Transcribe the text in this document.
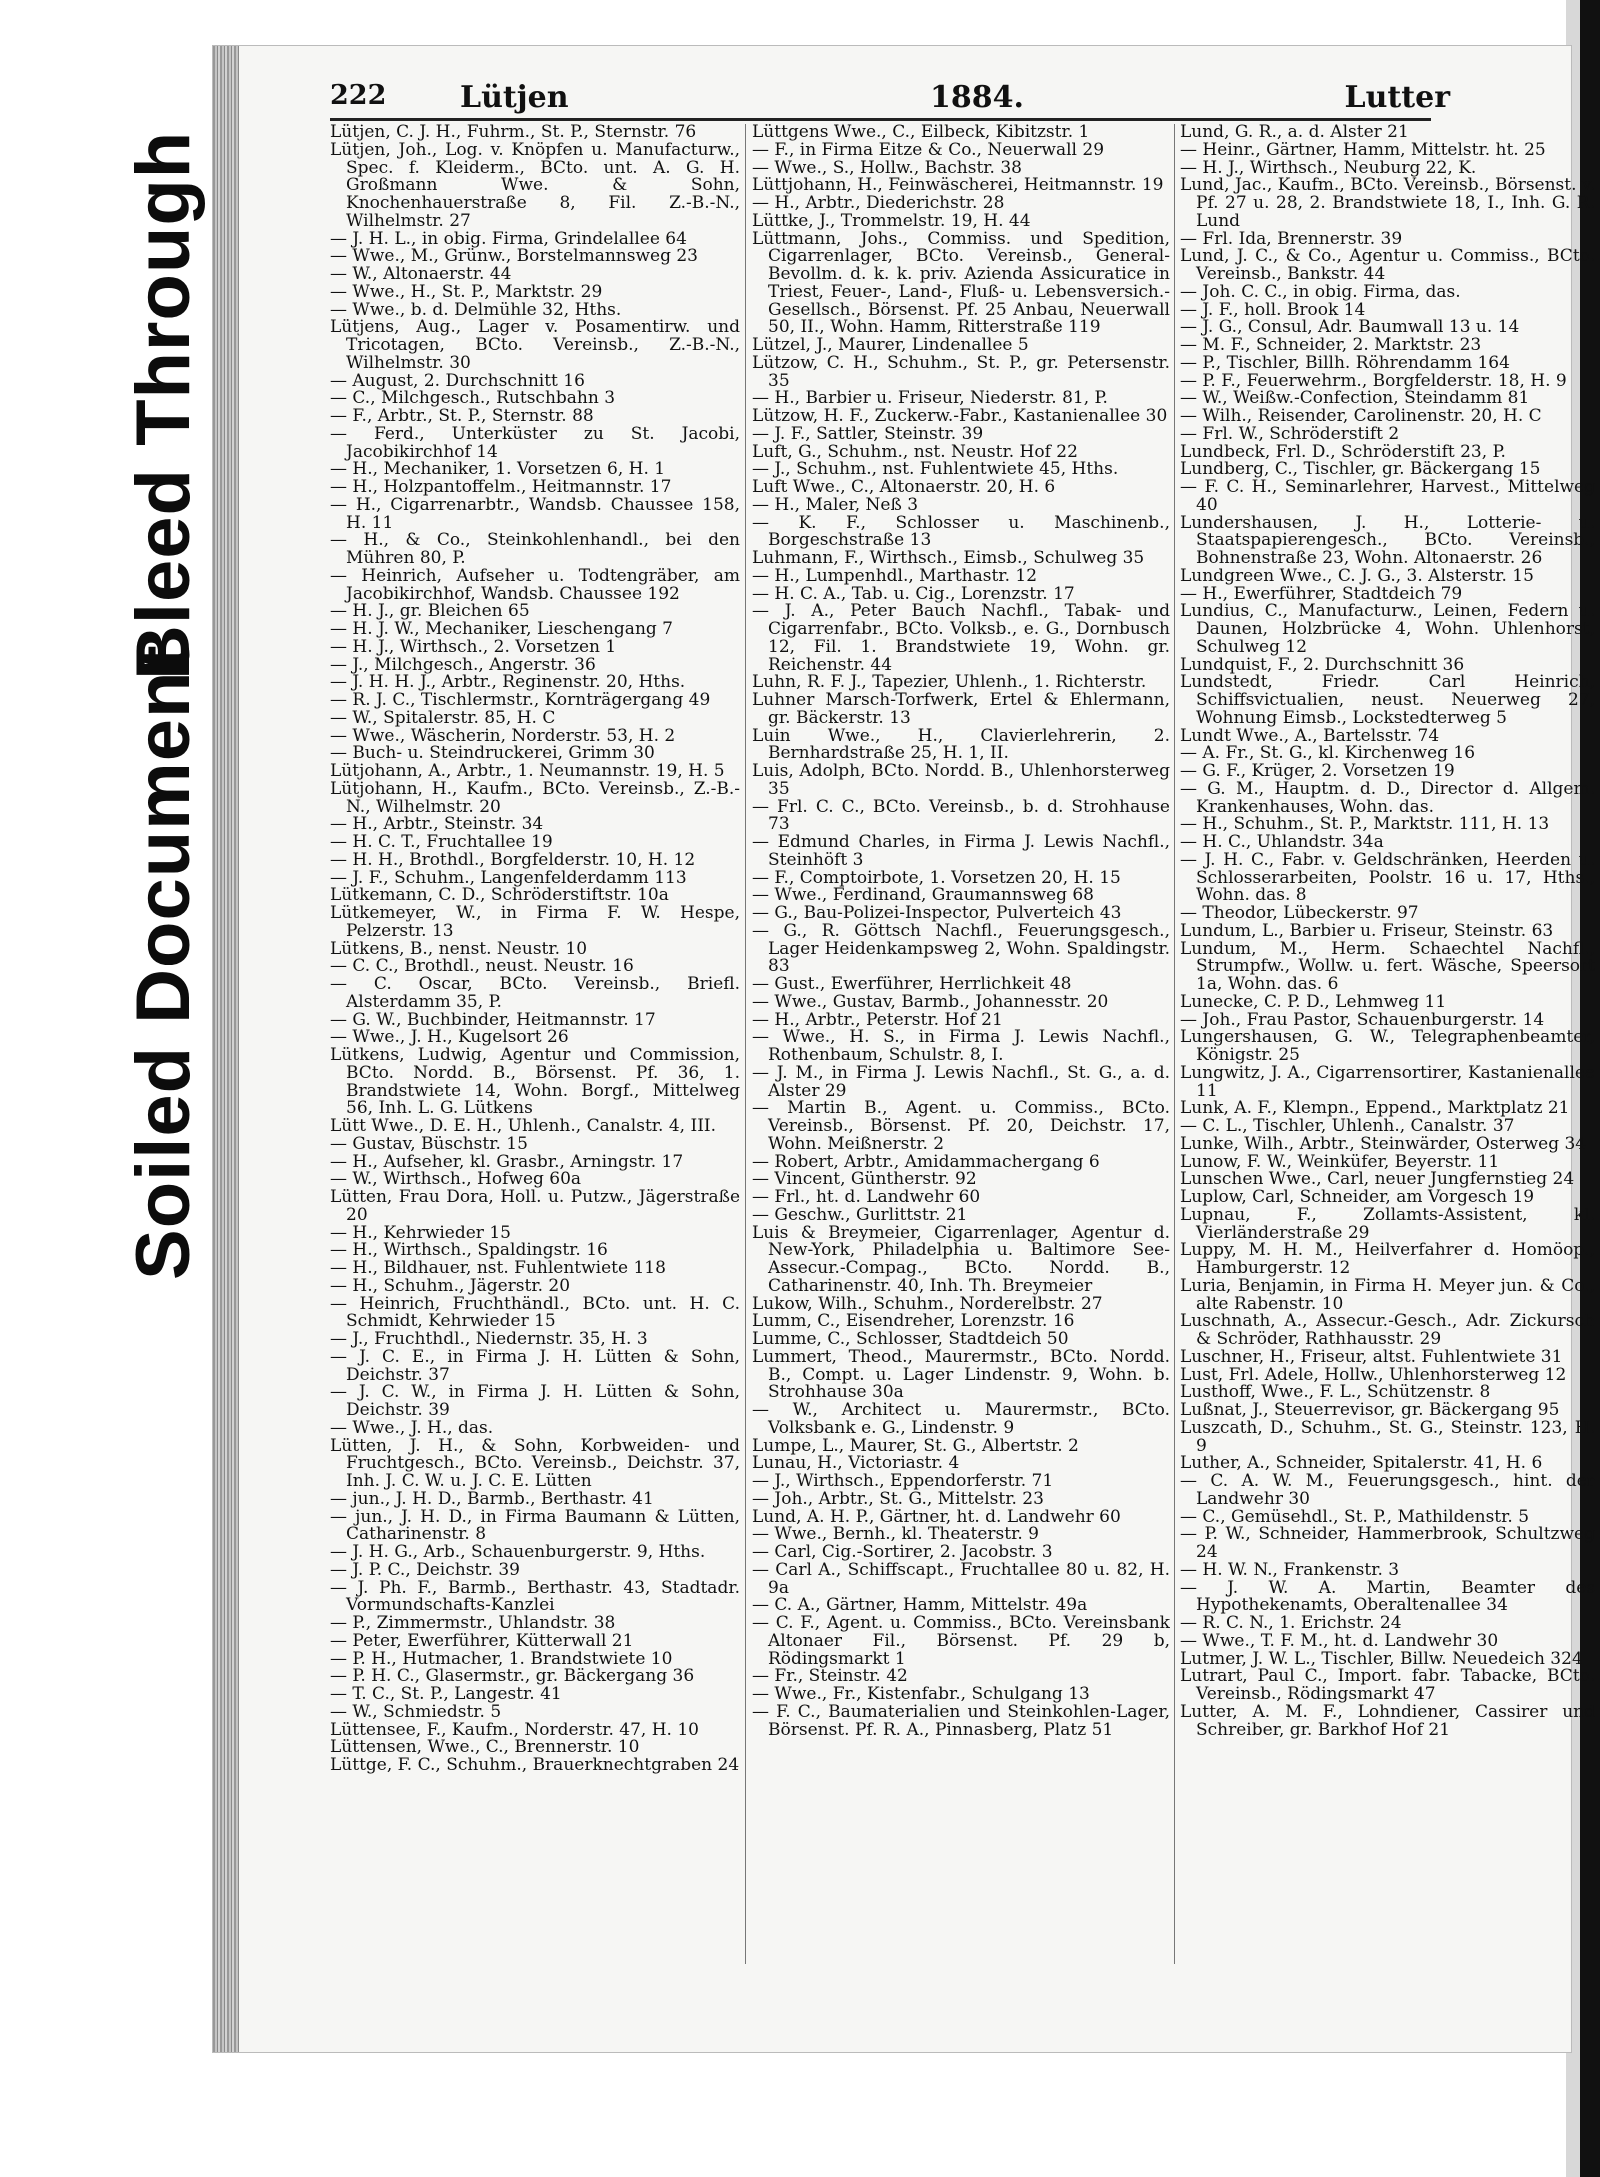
Soiled Document
Bleed Through
222 Lütjen	1884.	Lutter

Lütjen, C. J. H., Fuhrm., St. P., Sternstr. 76

Lütjen, Joh., Log. v. Knöpfen u. Manufacturw., Spec. f. Kleiderm., BCto. unt. A. G. H. Großmann Wwe. & Sohn, Knochenhauerstraße 8, Fil. Z.-B.-N., Wilhelmstr. 27

— J. H. L., in obig. Firma, Grindelallee 64

— Wwe., M., Grünw., Borstelmannsweg 23

— W., Altonaerstr. 44

— Wwe., H., St. P., Marktstr. 29

— Wwe., b. d. Delmühle 32, Hths.

Lütjens, Aug., Lager v. Posamentirw. und Tricotagen, BCto. Vereinsb., Z.-B.-N., Wilhelmstr. 30

— August, 2. Durchschnitt 16

— C., Milchgesch., Rutschbahn 3

— F., Arbtr., St. P., Sternstr. 88

— Ferd., Unterküster zu St. Jacobi, Jacobikirchhof 14

— H., Mechaniker, 1. Vorsetzen 6, H. 1

— H., Holzpantoffelm., Heitmannstr. 17

— H., Cigarrenarbtr., Wandsb. Chaussee 158, H. 11

— H., & Co., Steinkohlenhandl., bei den Mühren 80, P.

— Heinrich, Aufseher u. Todtengräber, am Jacobikirchhof, Wandsb. Chaussee 192

— H. J., gr. Bleichen 65

— H. J. W., Mechaniker, Lieschengang 7

— H. J., Wirthsch., 2. Vorsetzen 1

— J., Milchgesch., Angerstr. 36

— J. H. H. J., Arbtr., Reginenstr. 20, Hths.

— R. J. C., Tischlermstr., Kornträgergang 49

— W., Spitalerstr. 85, H. C

— Wwe., Wäscherin, Norderstr. 53, H. 2

— Buch- u. Steindruckerei, Grimm 30

Lütjohann, A., Arbtr., 1. Neumannstr. 19, H. 5

Lütjohann, H., Kaufm., BCto. Vereinsb., Z.-B.-N., Wilhelmstr. 20

— H., Arbtr., Steinstr. 34

— H. C. T., Fruchtallee 19

— H. H., Brothdl., Borgfelderstr. 10, H. 12

— J. F., Schuhm., Langenfelderdamm 113

Lütkemann, C. D., Schröderstiftstr. 10a

Lütkemeyer, W., in Firma F. W. Hespe, Pelzerstr. 13

Lütkens, B., nenst. Neustr. 10

— C. C., Brothdl., neust. Neustr. 16

— C. Oscar, BCto. Vereinsb., Briefl. Alsterdamm 35, P.

— G. W., Buchbinder, Heitmannstr. 17

— Wwe., J. H., Kugelsort 26

Lütkens, Ludwig, Agentur und Commission, BCto. Nordd. B., Börsenst. Pf. 36, 1. Brandstwiete 14, Wohn. Borgf., Mittelweg 56, Inh. L. G. Lütkens

Lütt Wwe., D. E. H., Uhlenh., Canalstr. 4, III.

— Gustav, Büschstr. 15

— H., Aufseher, kl. Grasbr., Arningstr. 17

— W., Wirthsch., Hofweg 60a

Lütten, Frau Dora, Holl. u. Putzw., Jägerstraße 20

— H., Kehrwieder 15

— H., Wirthsch., Spaldingstr. 16

— H., Bildhauer, nst. Fuhlentwiete 118

— H., Schuhm., Jägerstr. 20

— Heinrich, Fruchthändl., BCto. unt. H. C. Schmidt, Kehrwieder 15

— J., Fruchthdl., Niedernstr. 35, H. 3

— J. C. E., in Firma J. H. Lütten & Sohn, Deichstr. 37

— J. C. W., in Firma J. H. Lütten & Sohn, Deichstr. 39

— Wwe., J. H., das.

Lütten, J. H., & Sohn, Korbweiden- und Fruchtgesch., BCto. Vereinsb., Deichstr. 37, Inh. J. C. W. u. J. C. E. Lütten

— jun., J. H. D., Barmb., Berthastr. 41

— jun., J. H. D., in Firma Baumann & Lütten, Catharinenstr. 8

— J. H. G., Arb., Schauenburgerstr. 9, Hths.

— J. P. C., Deichstr. 39

— J. Ph. F., Barmb., Berthastr. 43, Stadtadr. Vormundschafts-Kanzlei

— P., Zimmermstr., Uhlandstr. 38

— Peter, Ewerführer, Kütterwall 21

— P. H., Hutmacher, 1. Brandstwiete 10

— P. H. C., Glasermstr., gr. Bäckergang 36

— T. C., St. P., Langestr. 41

— W., Schmiedstr. 5

Lüttensee, F., Kaufm., Norderstr. 47, H. 10

Lüttensen, Wwe., C., Brennerstr. 10

Lüttge, F. C., Schuhm., Brauerknechtgraben 24

Lüttgens Wwe., C., Eilbeck, Kibitzstr. 1

— F., in Firma Eitze & Co., Neuerwall 29

— Wwe., S., Hollw., Bachstr. 38

Lüttjohann, H., Feinwäscherei, Heitmannstr. 19

— H., Arbtr., Diederichstr. 28

Lüttke, J., Trommelstr. 19, H. 44

Lüttmann, Johs., Commiss. und Spedition, Cigarrenlager, BCto. Vereinsb., General-Bevollm. d. k. k. priv. Azienda Assicuratice in Triest, Feuer-, Land-, Fluß- u. Lebensversich.-Gesellsch., Börsenst. Pf. 25 Anbau, Neuerwall 50, II., Wohn. Hamm, Ritterstraße 119

Lützel, J., Maurer, Lindenallee 5

Lützow, C. H., Schuhm., St. P., gr. Petersenstr. 35

— H., Barbier u. Friseur, Niederstr. 81, P.

Lützow, H. F., Zuckerw.-Fabr., Kastanienallee 30

— J. F., Sattler, Steinstr. 39

Luft, G., Schuhm., nst. Neustr. Hof 22

— J., Schuhm., nst. Fuhlentwiete 45, Hths.

Luft Wwe., C., Altonaerstr. 20, H. 6

— H., Maler, Neß 3

— K. F., Schlosser u. Maschinenb., Borgeschstraße 13

Luhmann, F., Wirthsch., Eimsb., Schulweg 35

— H., Lumpenhdl., Marthastr. 12

— H. C. A., Tab. u. Cig., Lorenzstr. 17

— J. A., Peter Bauch Nachfl., Tabak- und Cigarrenfabr., BCto. Volksb., e. G., Dornbusch 12, Fil. 1. Brandstwiete 19, Wohn. gr. Reichenstr. 44

Luhn, R. F. J., Tapezier, Uhlenh., 1. Richterstr.

Luhner Marsch-Torfwerk, Ertel & Ehlermann, gr. Bäckerstr. 13

Luin Wwe., H., Clavierlehrerin, 2. Bernhardstraße 25, H. 1, II.

Luis, Adolph, BCto. Nordd. B., Uhlenhorsterweg 35

— Frl. C. C., BCto. Vereinsb., b. d. Strohhause 73

— Edmund Charles, in Firma J. Lewis Nachfl., Steinhöft 3

— F., Comptoirbote, 1. Vorsetzen 20, H. 15

— Wwe., Ferdinand, Graumannsweg 68

— G., Bau-Polizei-Inspector, Pulverteich 43

— G., R. Göttsch Nachfl., Feuerungsgesch., Lager Heidenkampsweg 2, Wohn. Spaldingstr. 83

— Gust., Ewerführer, Herrlichkeit 48

— Wwe., Gustav, Barmb., Johannesstr. 20

— H., Arbtr., Peterstr. Hof 21

— Wwe., H. S., in Firma J. Lewis Nachfl., Rothenbaum, Schulstr. 8, I.

— J. M., in Firma J. Lewis Nachfl., St. G., a. d. Alster 29

— Martin B., Agent. u. Commiss., BCto. Vereinsb., Börsenst. Pf. 20, Deichstr. 17, Wohn. Meißnerstr. 2

— Robert, Arbtr., Amidammachergang 6

— Vincent, Güntherstr. 92

— Frl., ht. d. Landwehr 60

— Geschw., Gurlittstr. 21

Luis & Breymeier, Cigarrenlager, Agentur d. New-York, Philadelphia u. Baltimore See-Assecur.-Compag., BCto. Nordd. B., Catharinenstr. 40, Inh. Th. Breymeier

Lukow, Wilh., Schuhm., Norderelbstr. 27

Lumm, C., Eisendreher, Lorenzstr. 16

Lumme, C., Schlosser, Stadtdeich 50

Lummert, Theod., Maurermstr., BCto. Nordd. B., Compt. u. Lager Lindenstr. 9, Wohn. b. Strohhause 30a

— W., Architect u. Maurermstr., BCto. Volksbank e. G., Lindenstr. 9

Lumpe, L., Maurer, St. G., Albertstr. 2

Lunau, H., Victoriastr. 4

— J., Wirthsch., Eppendorferstr. 71

— Joh., Arbtr., St. G., Mittelstr. 23

Lund, A. H. P., Gärtner, ht. d. Landwehr 60

— Wwe., Bernh., kl. Theaterstr. 9

— Carl, Cig.-Sortirer, 2. Jacobstr. 3

— Carl A., Schiffscapt., Fruchtallee 80 u. 82, H. 9a

— C. A., Gärtner, Hamm, Mittelstr. 49a

— C. F., Agent. u. Commiss., BCto. Vereinsbank Altonaer Fil., Börsenst. Pf. 29 b, Rödingsmarkt 1

— Fr., Steinstr. 42

— Wwe., Fr., Kistenfabr., Schulgang 13

— F. C., Baumaterialien und Steinkohlen-Lager, Börsenst. Pf. R. A., Pinnasberg, Platz 51

Lund, G. R., a. d. Alster 21

— Heinr., Gärtner, Hamm, Mittelstr. ht. 25

— H. J., Wirthsch., Neuburg 22, K.

Lund, Jac., Kaufm., BCto. Vereinsb., Börsenst. v. Pf. 27 u. 28, 2. Brandstwiete 18, I., Inh. G. R. Lund

— Frl. Ida, Brennerstr. 39

Lund, J. C., & Co., Agentur u. Commiss., BCto. Vereinsb., Bankstr. 44

— Joh. C. C., in obig. Firma, das.

— J. F., holl. Brook 14

— J. G., Consul, Adr. Baumwall 13 u. 14

— M. F., Schneider, 2. Marktstr. 23

— P., Tischler, Billh. Röhrendamm 164

— P. F., Feuerwehrm., Borgfelderstr. 18, H. 9

— W., Weißw.-Confection, Steindamm 81

— Wilh., Reisender, Carolinenstr. 20, H. C

— Frl. W., Schröderstift 2

Lundbeck, Frl. D., Schröderstift 23, P.

Lundberg, C., Tischler, gr. Bäckergang 15

— F. C. H., Seminarlehrer, Harvest., Mittelweg 40

Lundershausen, J. H., Lotterie- u. Staatspapierengesch., BCto. Vereinsb., Bohnenstraße 23, Wohn. Altonaerstr. 26

Lundgreen Wwe., C. J. G., 3. Alsterstr. 15

— H., Ewerführer, Stadtdeich 79

Lundius, C., Manufacturw., Leinen, Federn u. Daunen, Holzbrücke 4, Wohn. Uhlenhorst, Schulweg 12

Lundquist, F., 2. Durchschnitt 36

Lundstedt, Friedr. Carl Heinrich, Schiffsvictualien, neust. Neuerweg 27, Wohnung Eimsb., Lockstedterweg 5

Lundt Wwe., A., Bartelsstr. 74

— A. Fr., St. G., kl. Kirchenweg 16

— G. F., Krüger, 2. Vorsetzen 19

— G. M., Hauptm. d. D., Director d. Allgem. Krankenhauses, Wohn. das.

— H., Schuhm., St. P., Marktstr. 111, H. 13

— H. C., Uhlandstr. 34a

— J. H. C., Fabr. v. Geldschränken, Heerden u. Schlosserarbeiten, Poolstr. 16 u. 17, Hths., Wohn. das. 8

— Theodor, Lübeckerstr. 97

Lundum, L., Barbier u. Friseur, Steinstr. 63

Lundum, M., Herm. Schaechtel Nachfl., Strumpfw., Wollw. u. fert. Wäsche, Speersort 1a, Wohn. das. 6

Lunecke, C. P. D., Lehmweg 11

— Joh., Frau Pastor, Schauenburgerstr. 14

Lungershausen, G. W., Telegraphenbeamter, Königstr. 25

Lungwitz, J. A., Cigarrensortirer, Kastanienallee 11

Lunk, A. F., Klempn., Eppend., Marktplatz 21

— C. L., Tischler, Uhlenh., Canalstr. 37

Lunke, Wilh., Arbtr., Steinwärder, Osterweg 34

Lunow, F. W., Weinküfer, Beyerstr. 11

Lunschen Wwe., Carl, neuer Jungfernstieg 24

Luplow, Carl, Schneider, am Vorgesch 19

Lupnau, F., Zollamts-Assistent, kl. Vierländerstraße 29

Luppy, M. H. M., Heilverfahrer d. Homöop., Hamburgerstr. 12

Luria, Benjamin, in Firma H. Meyer jun. & Co., alte Rabenstr. 10

Luschnath, A., Assecur.-Gesch., Adr. Zickursch & Schröder, Rathhausstr. 29

Luschner, H., Friseur, altst. Fuhlentwiete 31

Lust, Frl. Adele, Hollw., Uhlenhorsterweg 12

Lusthoff, Wwe., F. L., Schützenstr. 8

Lußnat, J., Steuerrevisor, gr. Bäckergang 95

Luszcath, D., Schuhm., St. G., Steinstr. 123, H. 9

Luther, A., Schneider, Spitalerstr. 41, H. 6

— C. A. W. M., Feuerungsgesch., hint. der Landwehr 30

— C., Gemüsehdl., St. P., Mathildenstr. 5

— P. W., Schneider, Hammerbrook, Schultzweg 24

— H. W. N., Frankenstr. 3

— J. W. A. Martin, Beamter des Hypothekenamts, Oberaltenallee 34

— R. C. N., 1. Erichstr. 24

— Wwe., T. F. M., ht. d. Landwehr 30

Lutmer, J. W. L., Tischler, Billw. Neuedeich 324

Lutrart, Paul C., Import. fabr. Tabacke, BCto. Vereinsb., Rödingsmarkt 47

Lutter, A. M. F., Lohndiener, Cassirer und Schreiber, gr. Barkhof Hof 21
